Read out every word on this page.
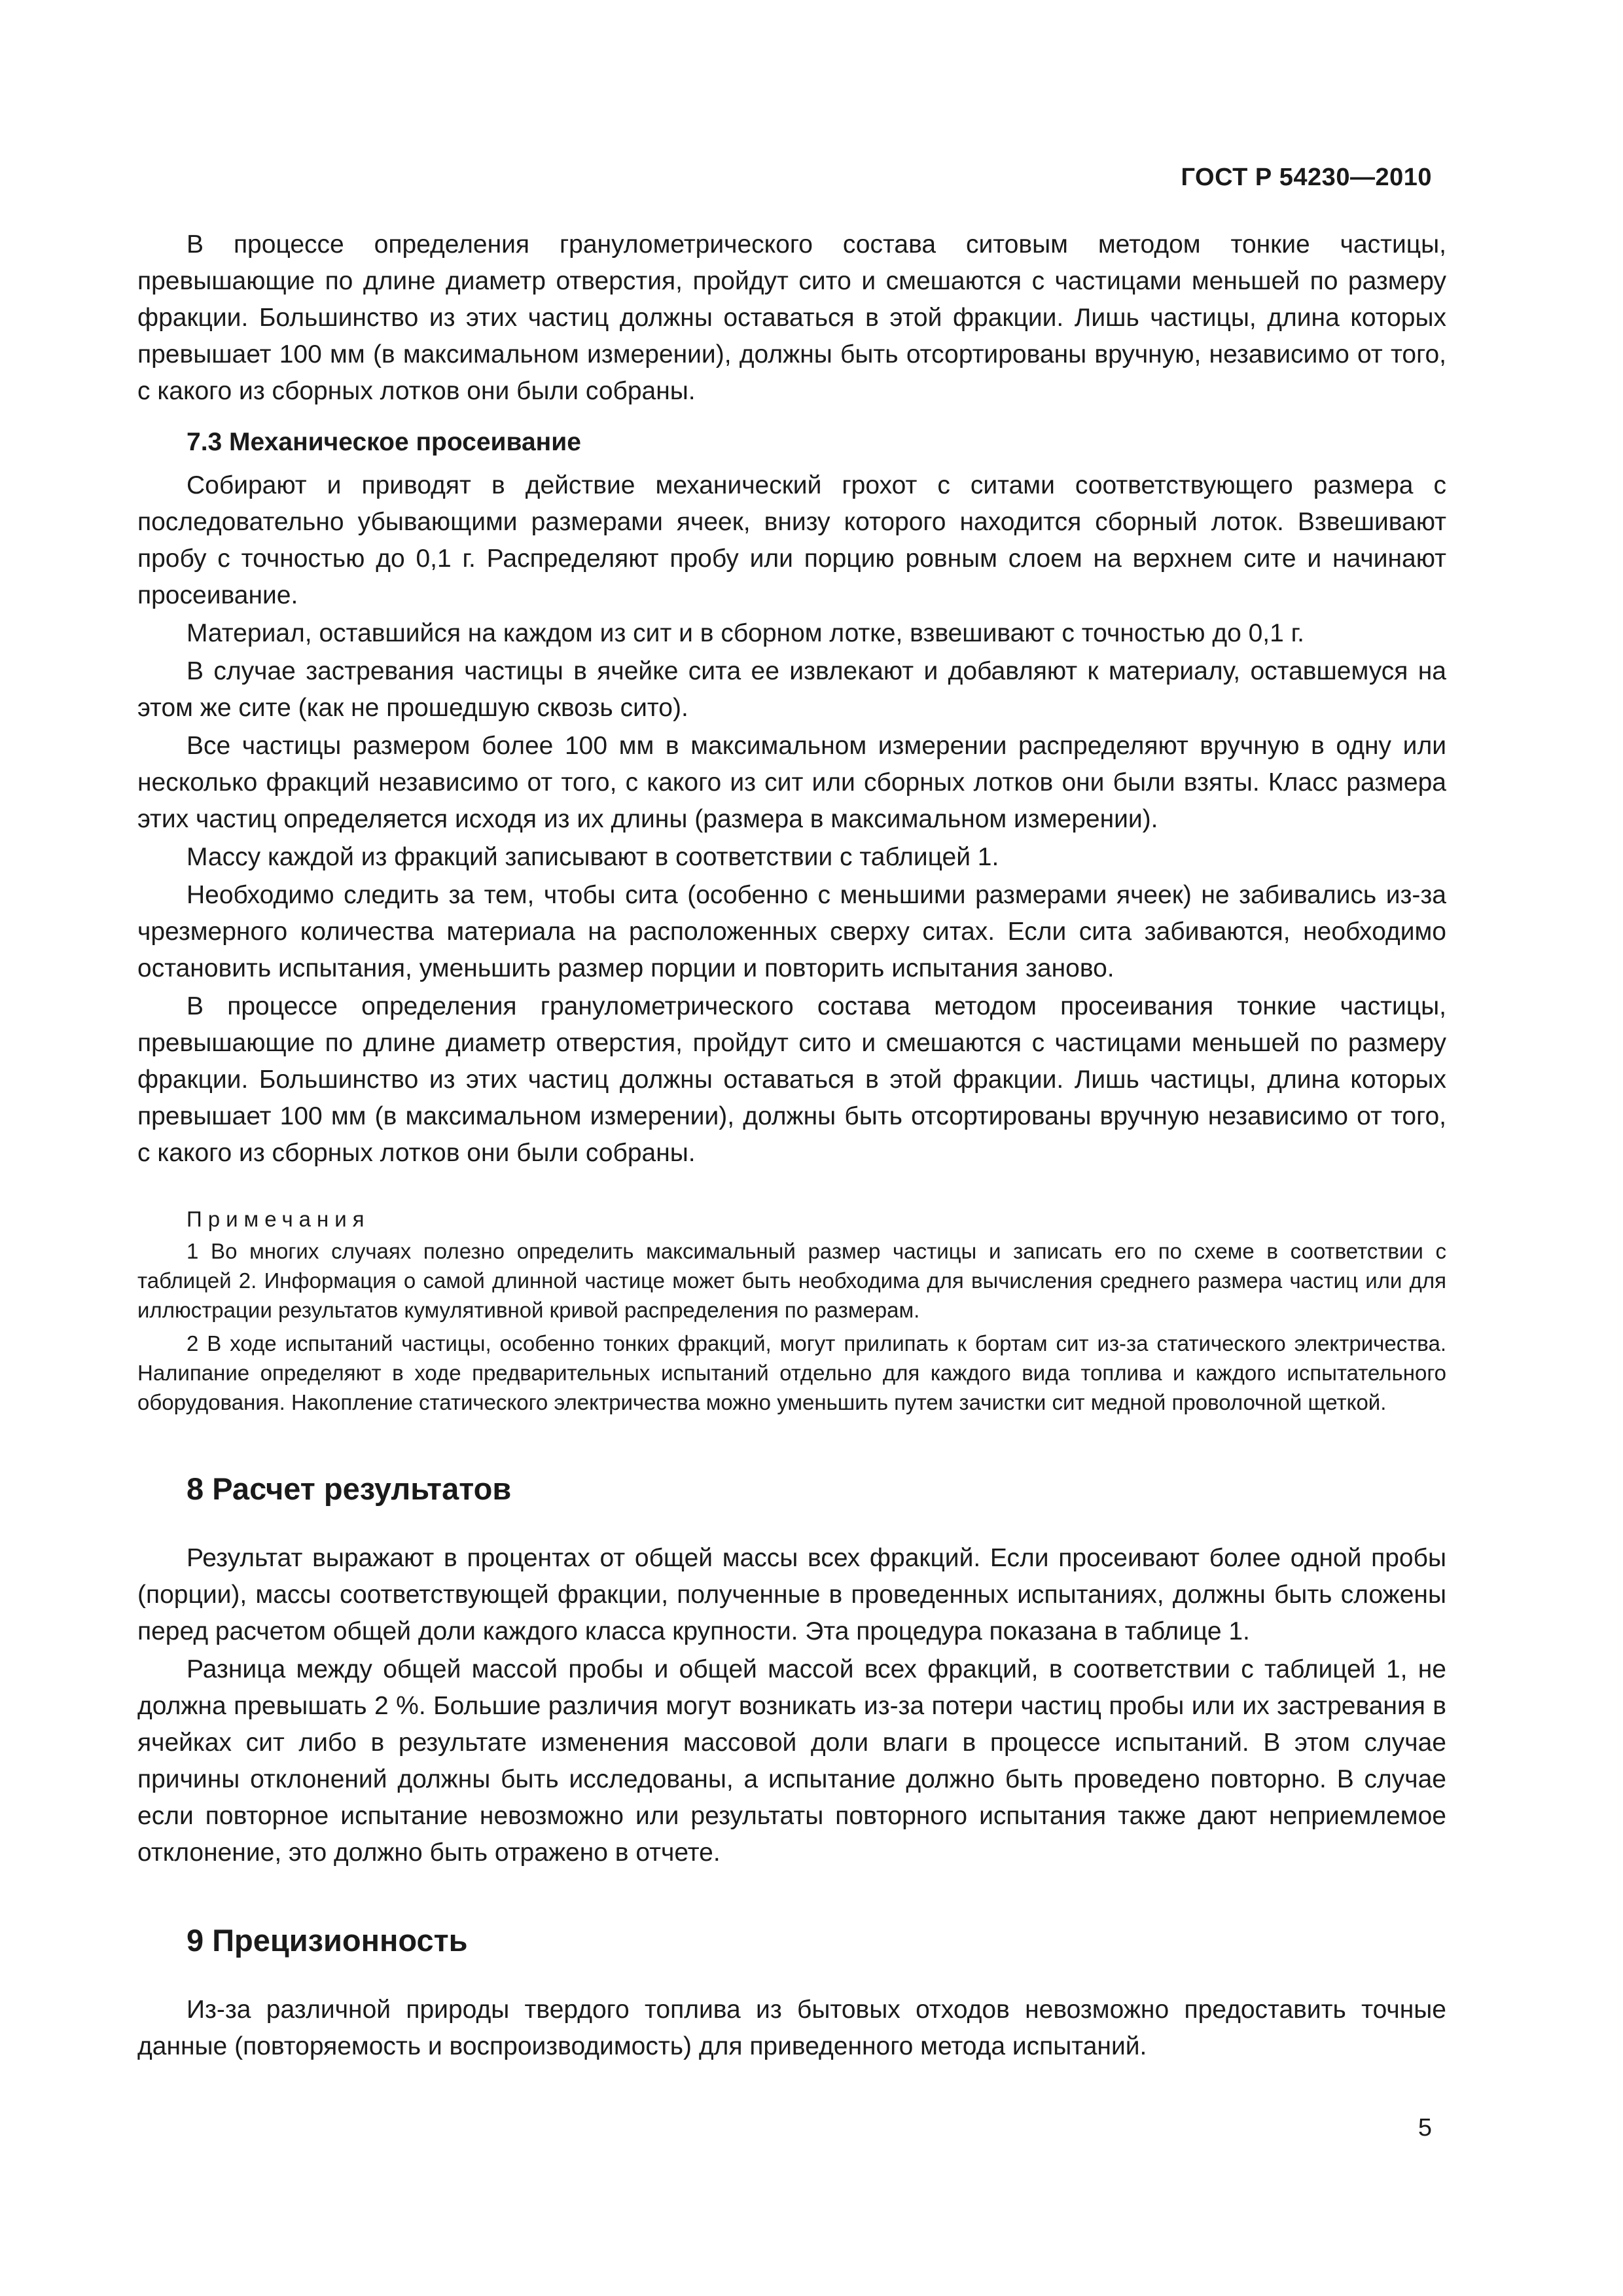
ГОСТ Р 54230—2010

В процессе определения гранулометрического состава ситовым методом тонкие частицы, превышающие по длине диаметр отверстия, пройдут сито и смешаются с частицами меньшей по размеру фракции. Большинство из этих частиц должны оставаться в этой фракции. Лишь частицы, длина которых превышает 100 мм (в максимальном измерении), должны быть отсортированы вручную, независимо от того, с какого из сборных лотков они были собраны.

7.3 Механическое просеивание

Собирают и приводят в действие механический грохот с ситами соответствующего размера с последовательно убывающими размерами ячеек, внизу которого находится сборный лоток. Взвешивают пробу с точностью до 0,1 г. Распределяют пробу или порцию ровным слоем на верхнем сите и начинают просеивание.

Материал, оставшийся на каждом из сит и в сборном лотке, взвешивают с точностью до 0,1 г.

В случае застревания частицы в ячейке сита ее извлекают и добавляют к материалу, оставшемуся на этом же сите (как не прошедшую сквозь сито).

Все частицы размером более 100 мм в максимальном измерении распределяют вручную в одну или несколько фракций независимо от того, с какого из сит или сборных лотков они были взяты. Класс размера этих частиц определяется исходя из их длины (размера в максимальном измерении).

Массу каждой из фракций записывают в соответствии с таблицей 1.

Необходимо следить за тем, чтобы сита (особенно с меньшими размерами ячеек) не забивались из-за чрезмерного количества материала на расположенных сверху ситах. Если сита забиваются, необходимо остановить испытания, уменьшить размер порции и повторить испытания заново.

В процессе определения гранулометрического состава методом просеивания тонкие частицы, превышающие по длине диаметр отверстия, пройдут сито и смешаются с частицами меньшей по размеру фракции. Большинство из этих частиц должны оставаться в этой фракции. Лишь частицы, длина которых превышает 100 мм (в максимальном измерении), должны быть отсортированы вручную независимо от того, с какого из сборных лотков они были собраны.

Примечания

1 Во многих случаях полезно определить максимальный размер частицы и записать его по схеме в соответствии с таблицей 2. Информация о самой длинной частице может быть необходима для вычисления среднего размера частиц или для иллюстрации результатов кумулятивной кривой распределения по размерам.

2 В ходе испытаний частицы, особенно тонких фракций, могут прилипать к бортам сит из-за статического электричества. Налипание определяют в ходе предварительных испытаний отдельно для каждого вида топлива и каждого испытательного оборудования. Накопление статического электричества можно уменьшить путем зачистки сит медной проволочной щеткой.

8 Расчет результатов

Результат выражают в процентах от общей массы всех фракций. Если просеивают более одной пробы (порции), массы соответствующей фракции, полученные в проведенных испытаниях, должны быть сложены перед расчетом общей доли каждого класса крупности. Эта процедура показана в таблице 1.

Разница между общей массой пробы и общей массой всех фракций, в соответствии с таблицей 1, не должна превышать 2 %. Большие различия могут возникать из-за потери частиц пробы или их застревания в ячейках сит либо в результате изменения массовой доли влаги в процессе испытаний. В этом случае причины отклонений должны быть исследованы, а испытание должно быть проведено повторно. В случае если повторное испытание невозможно или результаты повторного испытания также дают неприемлемое отклонение, это должно быть отражено в отчете.

9 Прецизионность

Из-за различной природы твердого топлива из бытовых отходов невозможно предоставить точные данные (повторяемость и воспроизводимость) для приведенного метода испытаний.

5
